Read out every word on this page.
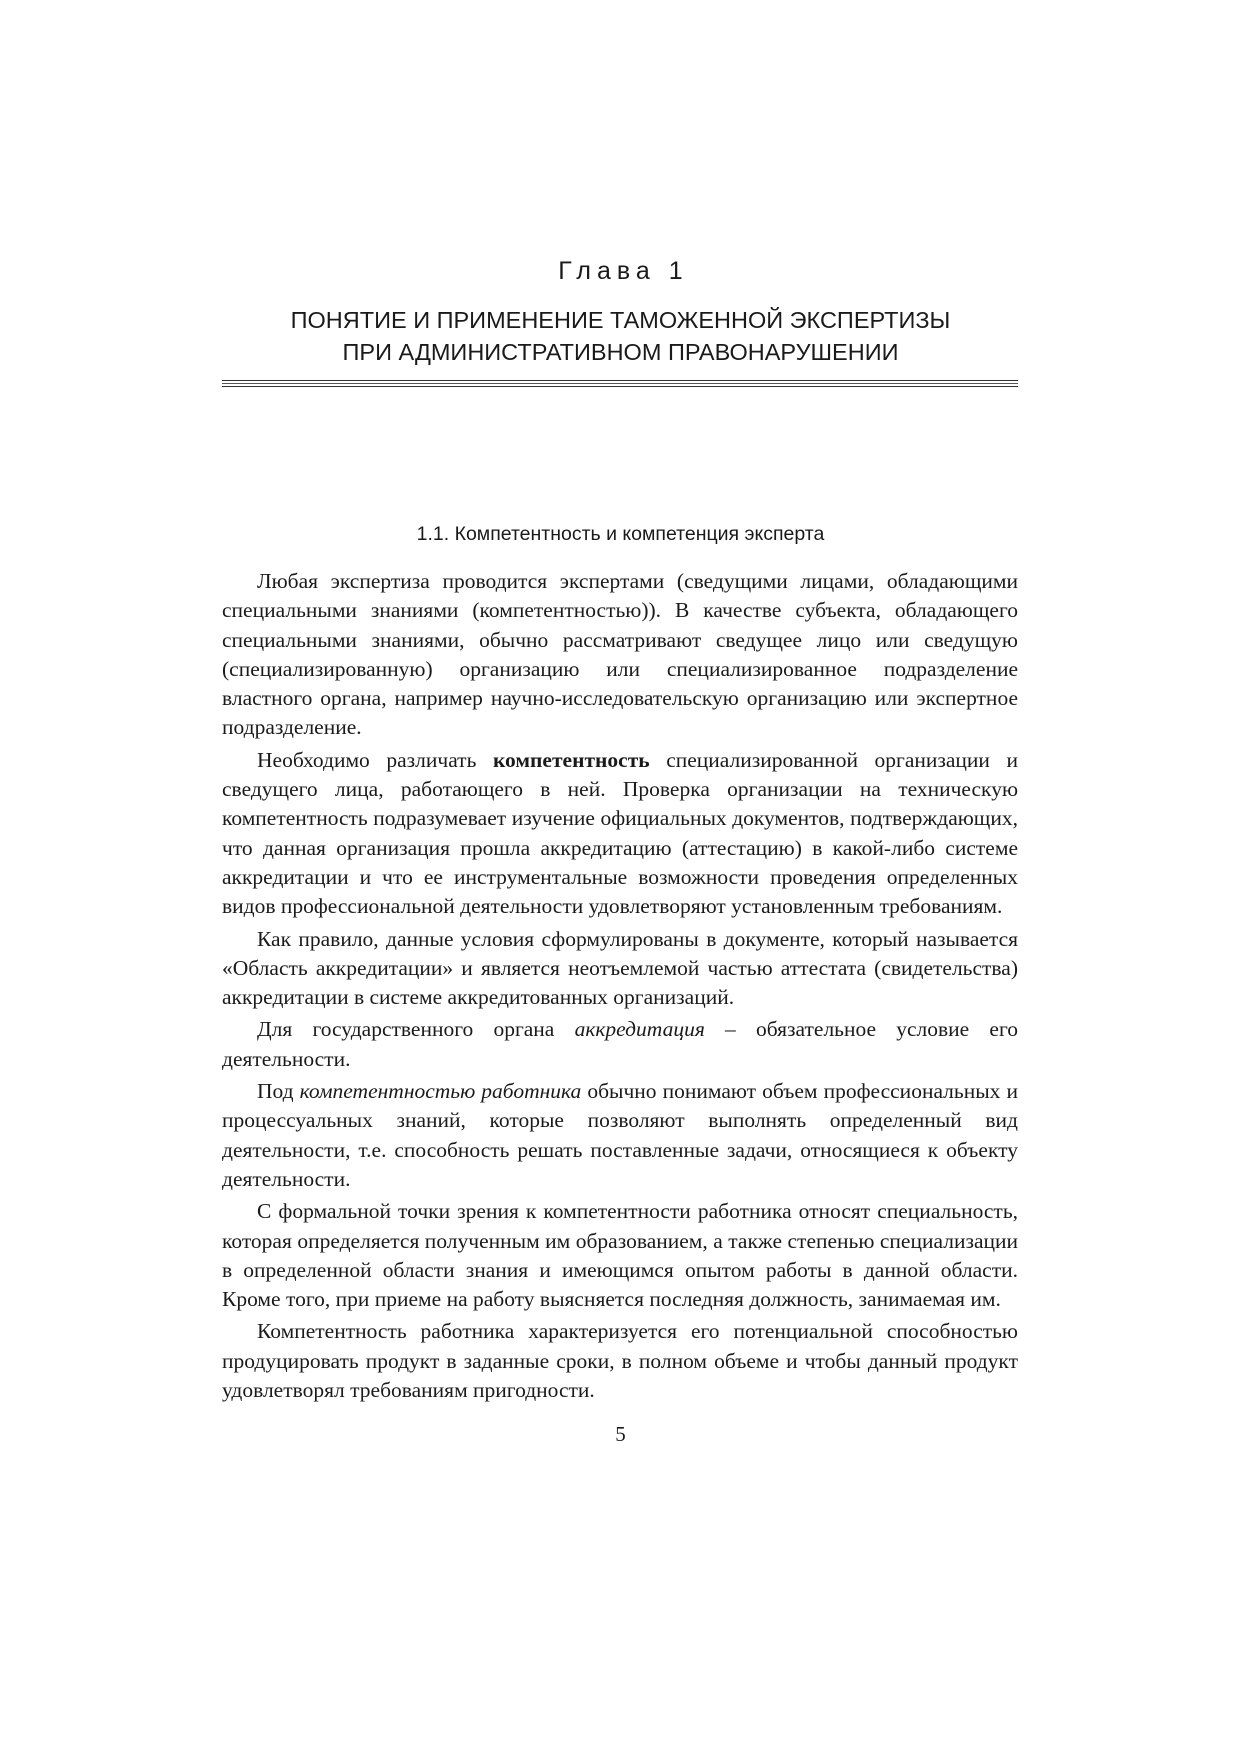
Глава 1
ПОНЯТИЕ И ПРИМЕНЕНИЕ ТАМОЖЕННОЙ ЭКСПЕРТИЗЫ
ПРИ АДМИНИСТРАТИВНОМ ПРАВОНАРУШЕНИИ
1.1. Компетентность и компетенция эксперта

Любая экспертиза проводится экспертами (сведущими лицами, обладающими специальными знаниями (компетентностью)). В качестве субъекта, обладающего специальными знаниями, обычно рассматривают сведущее лицо или сведущую (специализированную) организацию или специализированное подразделение властного органа, например научно-исследовательскую организацию или экспертное подразделение.

Необходимо различать компетентность специализированной организации и сведущего лица, работающего в ней. Проверка организации на техническую компетентность подразумевает изучение официальных документов, подтверждающих, что данная организация прошла аккредитацию (аттестацию) в какой-либо системе аккредитации и что ее инструментальные возможности проведения определенных видов профессиональной деятельности удовлетворяют установленным требованиям.

Как правило, данные условия сформулированы в документе, который называется «Область аккредитации» и является неотъемлемой частью аттестата (свидетельства) аккредитации в системе аккредитованных организаций.

Для государственного органа аккредитация – обязательное условие его деятельности.

Под компетентностью работника обычно понимают объем профессиональных и процессуальных знаний, которые позволяют выполнять определенный вид деятельности, т.е. способность решать поставленные задачи, относящиеся к объекту деятельности.

С формальной точки зрения к компетентности работника относят специальность, которая определяется полученным им образованием, а также степенью специализации в определенной области знания и имеющимся опытом работы в данной области. Кроме того, при приеме на работу выясняется последняя должность, занимаемая им.

Компетентность работника характеризуется его потенциальной способностью продуцировать продукт в заданные сроки, в полном объеме и чтобы данный продукт удовлетворял требованиям пригодности.

5
